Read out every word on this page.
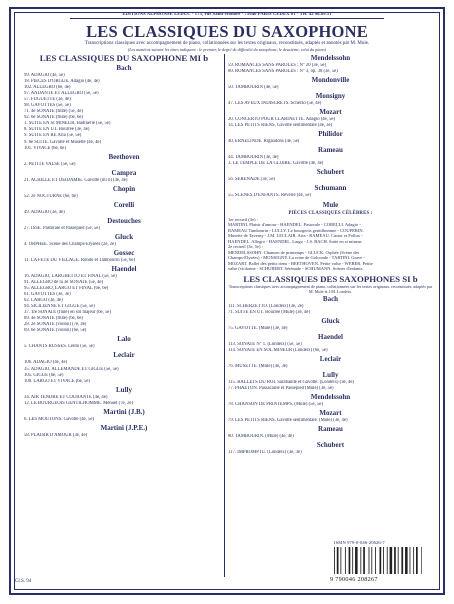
EDITIONS ALPHONSE LEDUC - 175, rue Saint-Honoré - 75040 PARIS CEDEX 01 - Tél. 42 96.89.11
LES CLASSIQUES DU SAXOPHONE
Transcriptions classiques avec accompagnement de piano, collationnées sur les textes originaux, reconstitués, adaptés et annotés par M. Mule.
(Les numéros suivant les titres indiquent : le premier, le degré de difficulté du saxophone, le deuxième, celui du piano)
LES CLASSIQUES DU SAXOPHONE MI b
Bach
99. ADAGIO (4e, 5e)
18. PIÈCES D'ORGUE. Adagio (4e, 4e)
102. ALLEGRO (6e, 4e)
97. ANDANTE ET ALLEGRO (5e, 5e)
57. FUGUETTE (3e, 4e)
98. GAVOTTES (5e, 5e)
71. 4e SONATE (flûte) (5e, 4e)
92. 6e SONATE (flûte) (6e, 6e)
1. SUITE EN SI MINEUR. Badinerie (5e, 5e)
8. SUITE EN UT. Bourrée (3e, 4e)
9. SUITE EN RÉ Aria (5e, 5e)
9. 6e SUITE. Gavotte et Musette (4e, 4e)
101. VIVACE (6e, 6e)
Beethoven
2. PETITE VALSE (5e, 5e)
Campra
21. ACHILLE ET DEIDAMIE. Gavotte (mi b) (4e, 4e)
Chopin
52. 2e NOCTURNE (6e, 6e)
Corelli
49. ADAGIO (3e, 4e)
Destouches
27. ISSÉ. Pastorale et Passepied (5e, 5e)
Gluck
4. ORPHÉE. Scène des Champs-Elysées (2e, 2e)
Gossec
11. LA FÊTE DU VILLAGE. Rondo et Tambourin (5e, 6e)
Haendel
16. ADAGIO, LARGHETTO ET FINAL (5e, 5e)
91. ALLEGRO de la 3e SONATE (5e, 4e)
95. ALLEGRO, LARGO ET FINAL (6e, 6e)
61. GAVOTTES (3e, 3e)
62. LARGO (3e, 4e)
94. SICILIENNE ET GIGUE (5e, 5e)
37. 1re SONATE (flûte) en sol majeur (6e, 5e)
89. 4e SONATE (flûte) (6e, 6e)
28. 2e SONATE (violon) (7e, 4e)
69. 6e SONATE (violon) (6e, 5e)
Lalo
5. CHANTS RUSSES. Lento (5e, 5e)
Leclair
106. ADAGIO (4e, 4e)
35. ADAGIO, ALLEMANDE ET GIGUE (5e, 5e)
105. GIGUE (6e, 5e)
100. LARGO ET VIVACE (6e, 5e)
Lully
34. AIR TENDRE ET COURANTE (4e, 4e)
12. LE BOURGEOIS GENTILHOMME. Menuet (7e, 2e)
Martini (J.B.)
6. LES MOUTONS. Gavotte (4e, 5e)
Martini (J.P.E.)
58. PLAISIR D'AMOUR (3e, 4e)
Mendelssohn
59. ROMANCES SANS PAROLES : N° 20 (3e, 5e)
80. ROMANCES SANS PAROLES : N° 3, op. 38 (3e, 5e)
Mondonville
50. TAMBOURIN (4e, 5e)
Monsigny
47. LES AVEUX INDISCRETS. Scherzo (5e, 4e)
Mozart
20. CONCERTO POUR CLARINETTE. Adagio (4e, 5e)
14. LES PETITS RIENS. Gavotte sentimentale (4e, 3e)
Philidor
40. ERNELINDE. Rigaudons (4e, 5e)
Rameau
44. TAMBOURIN (3e, 4e)
3. LE TEMPLE DE LA GLOIRE. Gavotte (4e, 4e)
Schubert
56. SÉRÉNADE (3e, 5e)
Schumann
55. SCÈNES D'ENFANTS. Rêverie (4e, 5e)
Mule
PIÈCES CLASSIQUES CÉLÈBRES :
1er recueil (3e) :
MARTINI. Plaisir d'amour - HAENDEL. Pastorale - CORELLI. Adagio -
RAMEAU Tambourin - LULLY. Le bourgeois gentilhomme - COUPERIN.
Musette de Taverny - J.M. LECLAIR. Aria - RAMEAU. Castor et Pollux -
HAENDEL. Allegro - HAENDEL. Largo - J.S. BACH. Suite en si mineur.
2e recueil (3e, 5e) :
MENDELSSOHN. Chanson de printemps - GLUCK. Orphée (Scène des
Champs-Elysées) - MONSIGNY. La reine de Golconde - TARTINI. Grave -
MOZART. Ballet des petits riens - BEETHOVEN. Petite valse - WEBER. Petite
valse (violonne - SCHUBERT. Sérénade - SCHUMANN. Scènes d'enfants.
LES CLASSIQUES DES SAXOPHONES SI b
Transcriptions classiques avec accompagnement de piano, collationnées sur les textes originaux, reconstitués, adaptés par M. Mule et J.M. Londeix.
Bach
111. SCHERZETTO. (Londeix) (3e, 2e)
71. SUITE EN UT. Bourrée (Mule) (3e, 4e)
Gluck
75. GAVOTTE. (Mule) (3e, 4e)
Haendel
113. SONATE N° 1. (Londeix) (5e, 5e)
114. SONATE EN SOL MINEUR (Londeix) (6e, 5e)
Leclair
76. MUSETTE. (Mule) (4e, 3e)
Lully
115. BALLETS DU ROI. Sarabande et Gavotte. (Londeix) (3e, 4e)
77. PHAETON. Passacaille et Passepied (Mule) (3e, 5e)
Mendelssohn
78. CHANSON DE PRINTEMPS. (Mule) (5e, 5e)
Mozart
79. LES PETITS RIENS. Gavotte sentimentale. (Mule) (3e, 4e)
Rameau
80. TAMBOURIN. (Mule) (4e, 4e)
Schubert
117. IMPROMPTU. (Londeix) (3e, 3e)
Cl.S. 94
ISMN 979-0-046-20626-7
9 790046 208267
